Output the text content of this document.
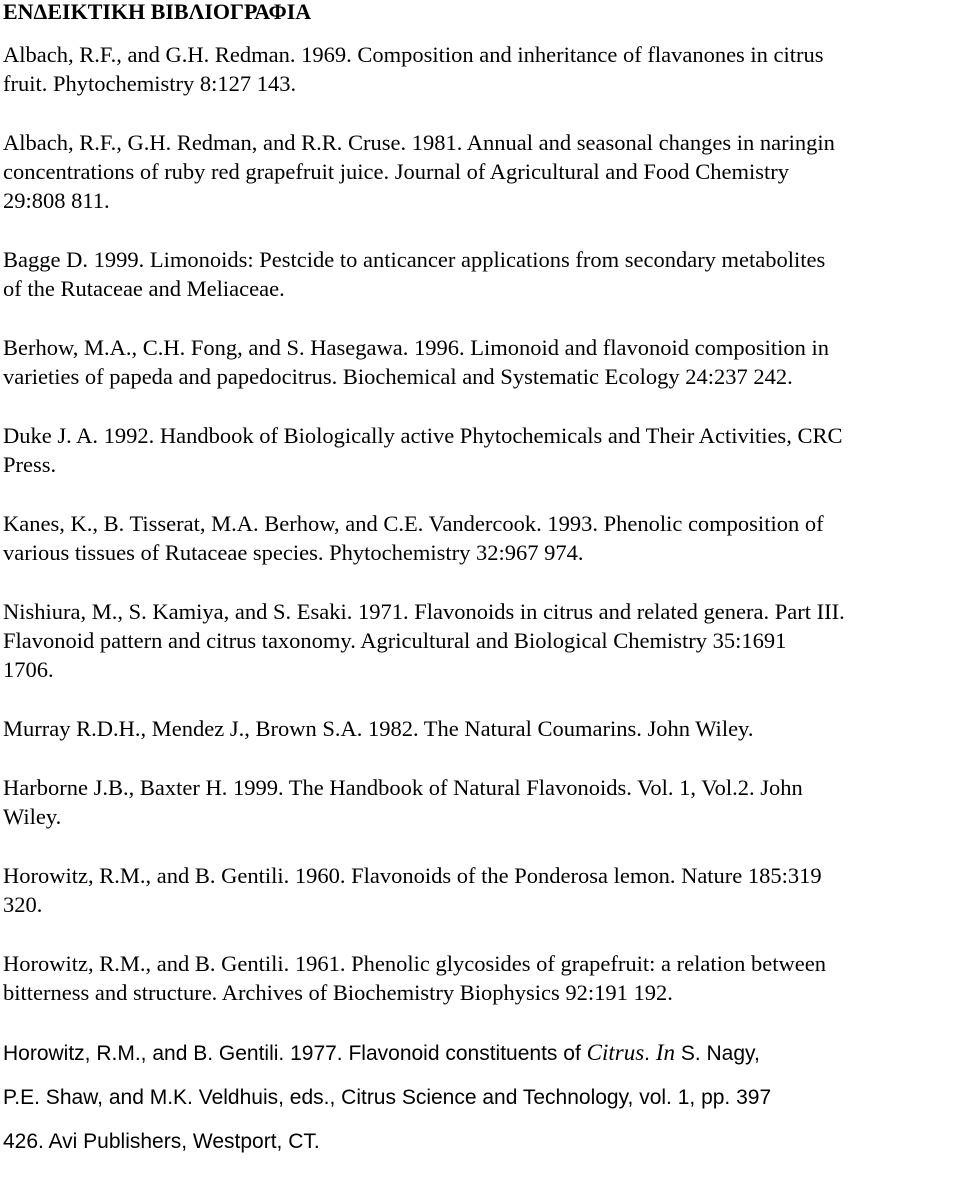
ΕΝΔΕΙΚΤΙΚΗ ΒΙΒΛΙΟΓΡΑΦΙΑ
Albach, R.F., and G.H. Redman. 1969. Composition and inheritance of flavanones in citrus
fruit. Phytochemistry 8:127 143.
Albach, R.F., G.H. Redman, and R.R. Cruse. 1981. Annual and seasonal changes in naringin
concentrations of ruby red grapefruit juice. Journal of Agricultural and Food Chemistry
29:808 811.
Bagge D. 1999. Limonoids: Pestcide to anticancer applications from secondary metabolites
of the Rutaceae and Meliaceae.
Berhow, M.A., C.H. Fong, and S. Hasegawa. 1996. Limonoid and flavonoid composition in
varieties of papeda and papedocitrus. Biochemical and Systematic Ecology 24:237 242.
Duke J. A. 1992. Handbook of Biologically active Phytochemicals and Their Activities, CRC
Press.
Kanes, K., B. Tisserat, M.A. Berhow, and C.E. Vandercook. 1993. Phenolic composition of
various tissues of Rutaceae species. Phytochemistry 32:967 974.
Nishiura, M., S. Kamiya, and S. Esaki. 1971. Flavonoids in citrus and related genera. Part III.
Flavonoid pattern and citrus taxonomy. Agricultural and Biological Chemistry 35:1691
1706.
Murray R.D.H., Mendez J., Brown S.A. 1982. The Natural Coumarins. John Wiley.
Harborne J.B., Baxter H. 1999. The Handbook of Natural Flavonoids. Vol. 1, Vol.2. John
Wiley.
Horowitz, R.M., and B. Gentili. 1960. Flavonoids of the Ponderosa lemon. Nature 185:319
320.
Horowitz, R.M., and B. Gentili. 1961. Phenolic glycosides of grapefruit: a relation between
bitterness and structure. Archives of Biochemistry Biophysics 92:191 192.
Horowitz, R.M., and B. Gentili. 1977. Flavonoid constituents of Citrus. In S. Nagy,
P.E. Shaw, and M.K. Veldhuis, eds., Citrus Science and Technology, vol. 1, pp. 397
426. Avi Publishers, Westport, CT.
